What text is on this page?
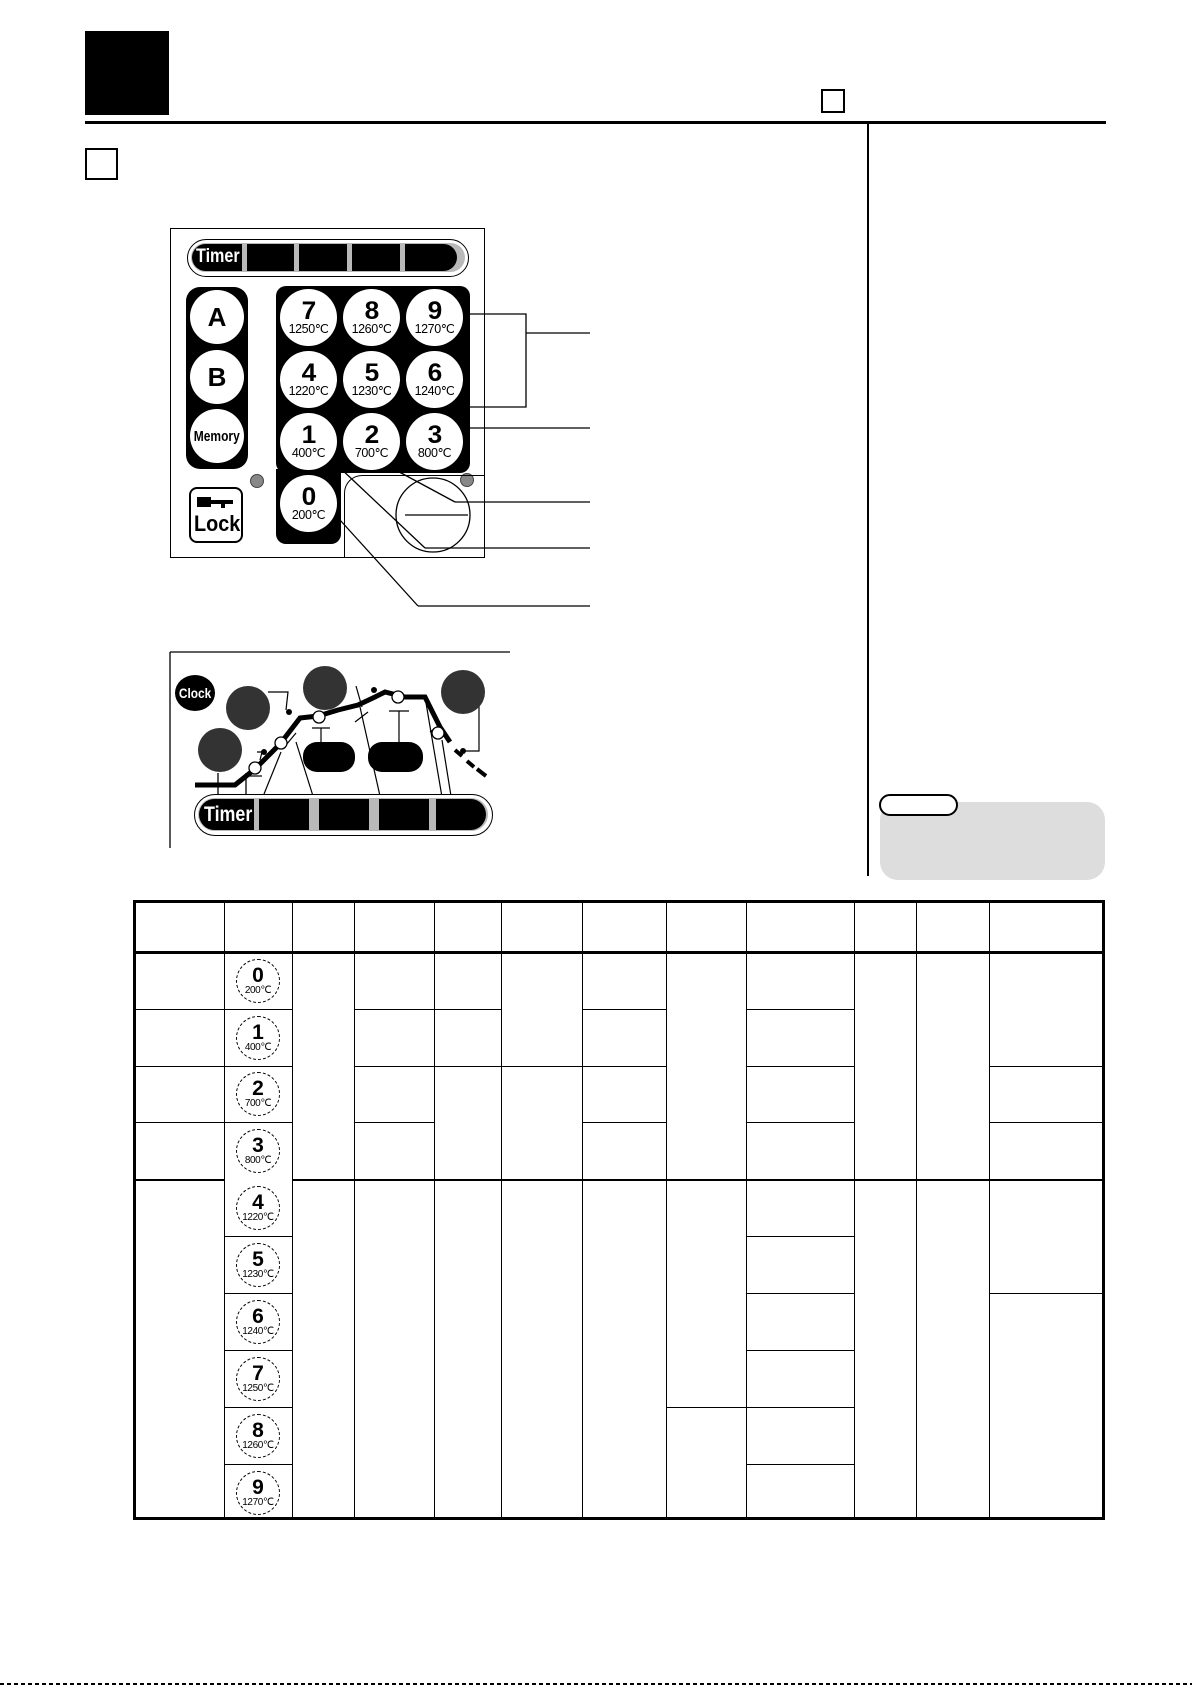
Timer
A
B
Memory
Lock
7
1250℃
8
1260℃
9
1270℃
4
1220℃
5
1230℃
6
1240℃
1
400℃
2
700℃
3
800℃
0
200℃
Clock
Timer
0
200℃
1
400℃
2
700℃
3
800℃
4
1220℃
5
1230℃
6
1240℃
7
1250℃
8
1260℃
9
1270℃
